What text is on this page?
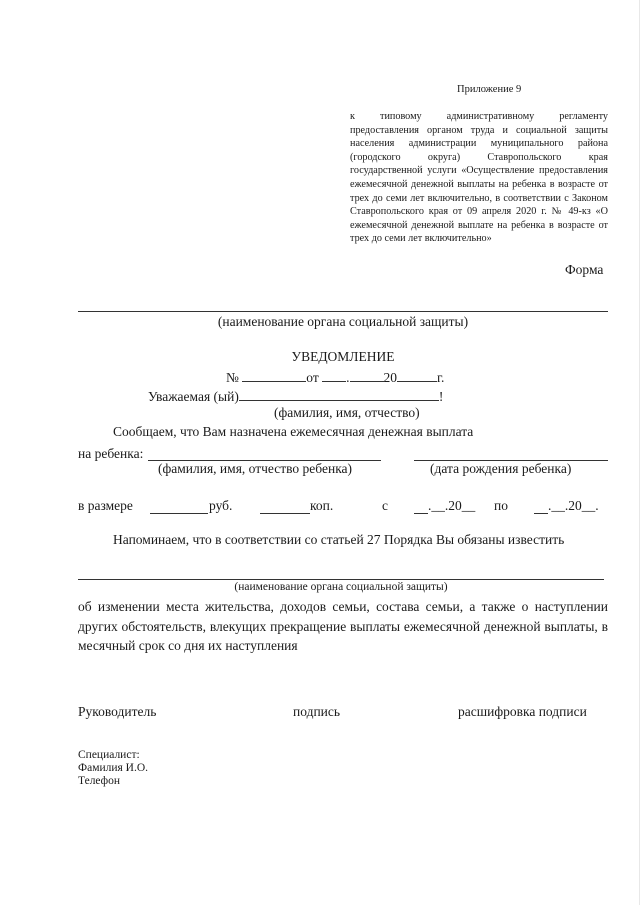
Приложение 9
к типовому административному регламенту предоставления органом труда и социальной защиты населения администрации муниципального района (городского округа) Ставропольского края государственной услуги «Осуществление предоставления ежемесячной денежной выплаты на ребенка в возрасте от трех до семи лет включительно, в соответствии с Законом Ставропольского края от 09 апреля 2020 г. № 49-кз «О ежемесячной денежной выплате на ребенка в возрасте от трех до семи лет включительно»
Форма
(наименование органа социальной защиты)
УВЕДОМЛЕНИЕ
№	от .	20	г.
Уважаемая (ый)	!
(фамилия, имя, отчество)
Сообщаем, что Вам назначена ежемесячная денежная выплата
на ребенка:
(фамилия, имя, отчество ребенка)	(дата рождения ребенка)
в размере	руб.	коп.	с	.__.20__ по	.__.20__.
Напоминаем, что в соответствии со статьей 27 Порядка Вы обязаны известить
(наименование органа социальной защиты)
об изменении места жительства, доходов семьи, состава семьи, а также о наступлении других обстоятельств, влекущих прекращение выплаты ежемесячной денежной выплаты, в месячный срок со дня их наступления
Руководитель	подпись	расшифровка подписи
Специалист:
Фамилия И.О.
Телефон
